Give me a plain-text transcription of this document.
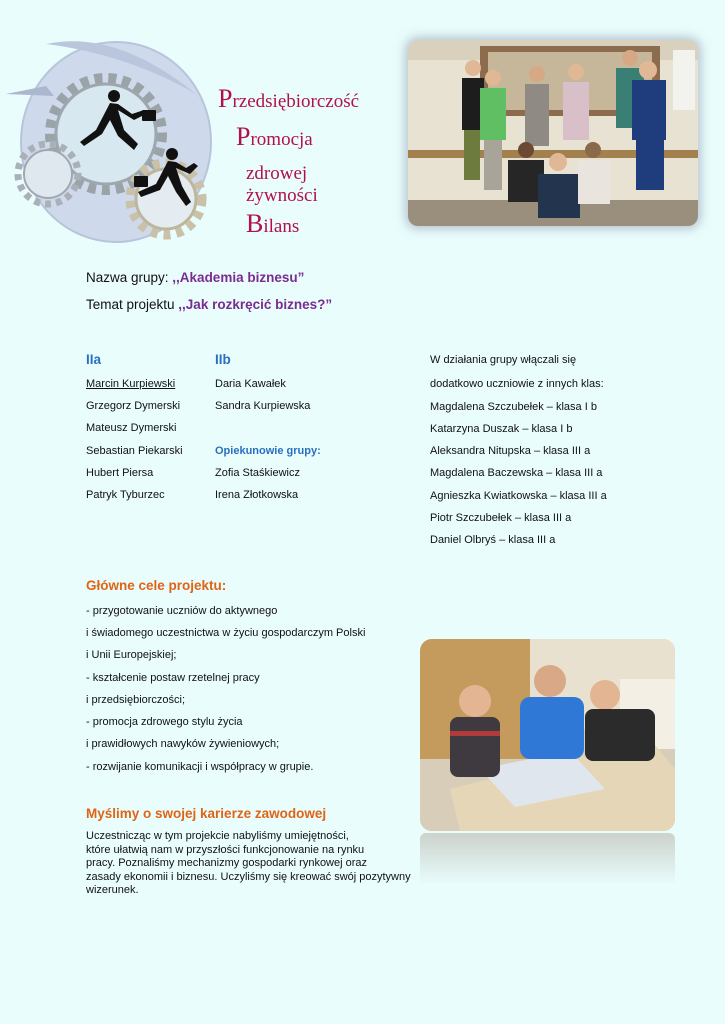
Przedsiębiorczość
Promocja
zdrowej
żywności
Bilans
Nazwa grupy: ,,Akademia biznesu”
Temat projektu ,,Jak rozkręcić biznes?”
IIa
Marcin Kurpiewski
Grzegorz Dymerski
Mateusz Dymerski
Sebastian Piekarski
Hubert Piersa
Patryk Tyburzec
IIb
Daria Kawałek
Sandra Kurpiewska
Opiekunowie grupy:
Zofia Staśkiewicz
Irena Złotkowska
W działania grupy włączali się
dodatkowo uczniowie z innych klas:
Magdalena Szczubełek – klasa I b
Katarzyna Duszak – klasa I b
Aleksandra Nitupska – klasa III a
Magdalena Baczewska – klasa III a
Agnieszka Kwiatkowska – klasa III a
Piotr Szczubełek – klasa III a
Daniel Olbryś – klasa III a
Główne cele projektu:
- przygotowanie uczniów do aktywnego
i świadomego uczestnictwa w życiu gospodarczym Polski
i Unii Europejskiej;
- kształcenie postaw rzetelnej pracy
i przedsiębiorczości;
- promocja zdrowego stylu życia
i prawidłowych nawyków żywieniowych;
- rozwijanie komunikacji i współpracy w grupie.
Myślimy o swojej karierze zawodowej
Uczestnicząc w tym projekcie nabyliśmy umiejętności,
które ułatwią nam w przyszłości funkcjonowanie na rynku
pracy. Poznaliśmy mechanizmy gospodarki rynkowej oraz
zasady ekonomii i biznesu. Uczyliśmy się kreować swój pozytywny
wizerunek.
